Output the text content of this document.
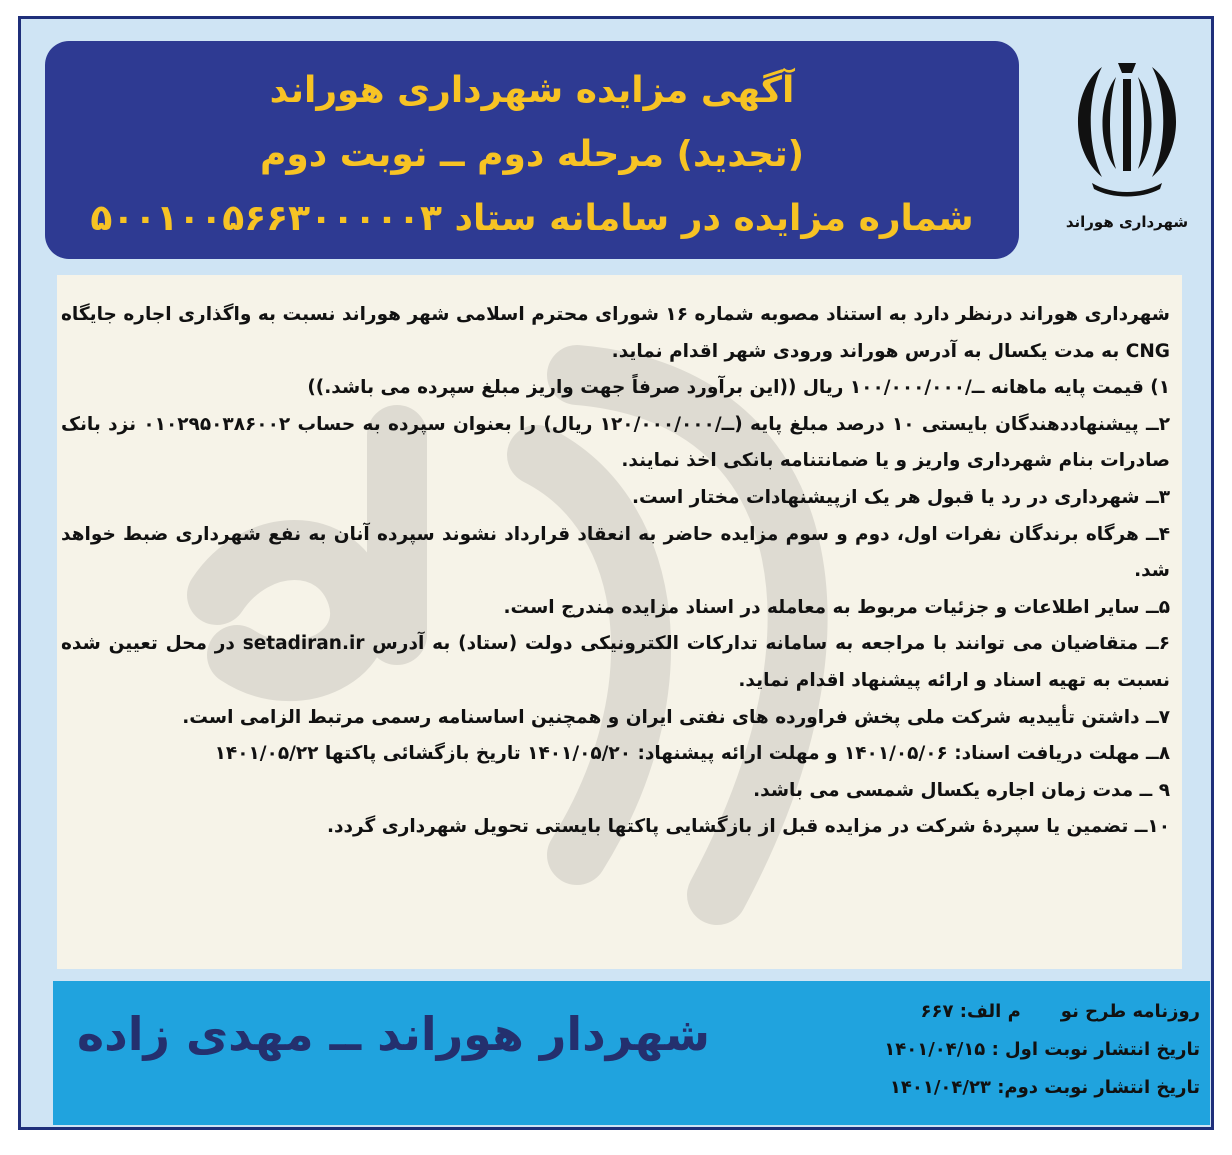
شهرداری هوراند
آگهی مزایده شهرداری هوراند
(تجدید) مرحله دوم ــ نوبت دوم
شماره مزایده در سامانه ستاد ۵۰۰۱۰۰۵۶۶۳۰۰۰۰۰۳

شهرداری هوراند درنظر دارد به استناد مصوبه شماره ۱۶ شورای محترم اسلامی شهر هوراند نسبت به واگذاری اجاره جایگاه CNG به مدت یکسال به آدرس هوراند ورودی شهر اقدام نماید.

۱) قیمت پایه ماهانه ــ/۱۰۰/۰۰۰/۰۰۰ ریال ((این برآورد صرفاً جهت واریز مبلغ سپرده می باشد.))

۲ــ پیشنهاددهندگان بایستی ۱۰ درصد مبلغ پایه (ــ/۱۲۰/۰۰۰/۰۰۰ ریال) را بعنوان سپرده به حساب ۰۱۰۲۹۵۰۳۸۶۰۰۲ نزد بانک صادرات بنام شهرداری واریز و یا ضمانتنامه بانکی اخذ نمایند.

۳ــ شهرداری در رد یا قبول هر یک ازپیشنهادات مختار است.

۴ــ هرگاه برندگان نفرات اول، دوم و سوم مزایده حاضر به انعقاد قرارداد نشوند سپرده آنان به نفع شهرداری ضبط خواهد شد.

۵ــ سایر اطلاعات و جزئیات مربوط به معامله در اسناد مزایده مندرج است.

۶ــ متقاضیان می توانند با مراجعه به سامانه تدارکات الکترونیکی دولت (ستاد) به آدرس setadiran.ir در محل تعیین شده نسبت به تهیه اسناد و ارائه پیشنهاد اقدام نماید.

۷ــ داشتن تأییدیه شرکت ملی پخش فراورده های نفتی ایران و همچنین اساسنامه رسمی مرتبط الزامی است.

۸ــ مهلت دریافت اسناد: ۱۴۰۱/۰۵/۰۶ و مهلت ارائه پیشنهاد: ۱۴۰۱/۰۵/۲۰ تاریخ بازگشائی پاکتها ۱۴۰۱/۰۵/۲۲

۹ ــ مدت زمان اجاره یکسال شمسی می باشد.

۱۰ــ تضمین یا سپردهٔ شرکت در مزایده قبل از بازگشایی پاکتها بایستی تحویل شهرداری گردد.

شهردار هوراند ــ مهدی زاده	روزنامه طرح نوم الف: ۶۶۷
تاریخ انتشار نوبت اول : ۱۴۰۱/۰۴/۱۵
تاریخ انتشار نوبت دوم: ۱۴۰۱/۰۴/۲۳
